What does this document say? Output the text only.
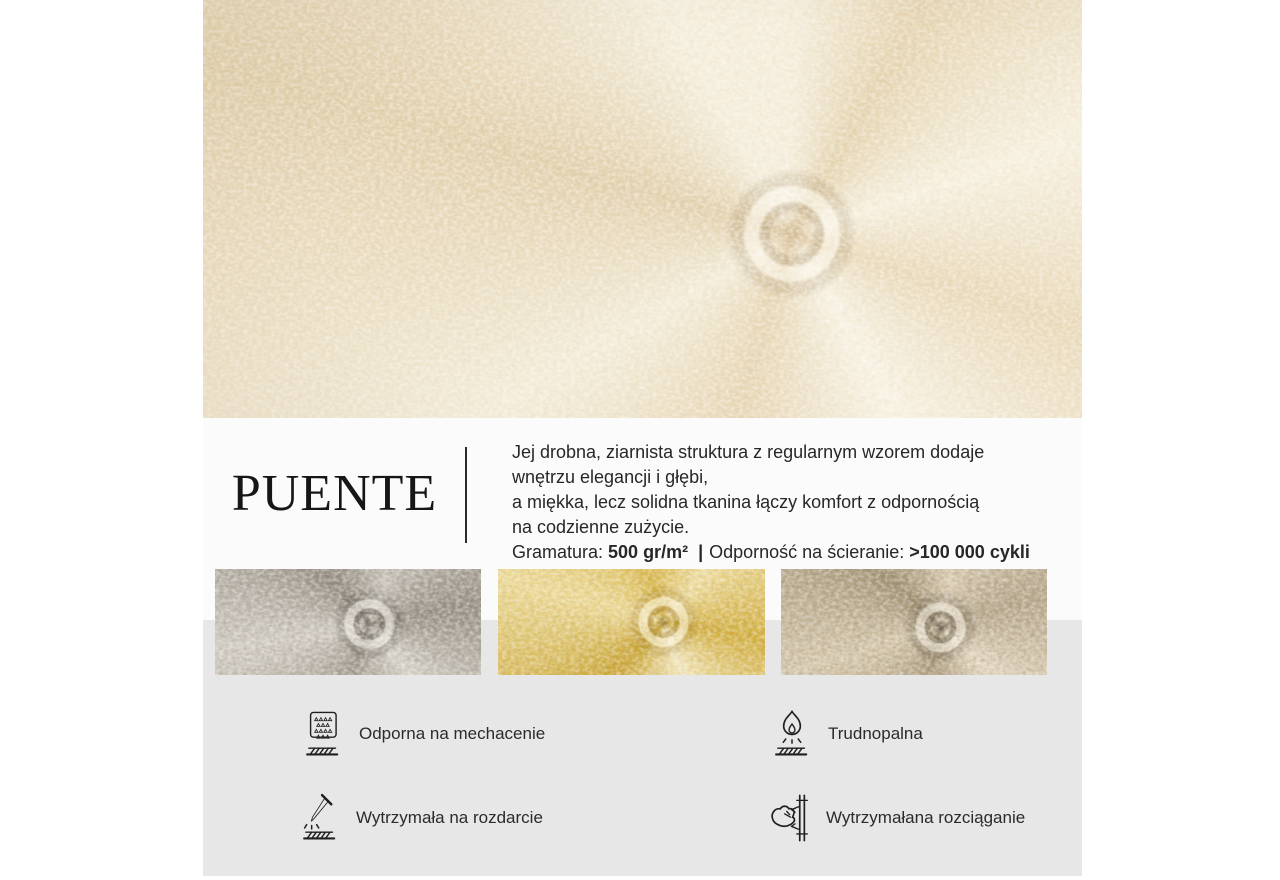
PUENTE
Jej drobna, ziarnista struktura z regularnym wzorem dodaje
wnętrzu elegancji i głębi,
a miękka, lecz solidna tkanina łączy komfort z odpornością
na codzienne zużycie.
Gramatura: 500 gr/m² | Odporność na ścieranie: >100 000 cykli
Odporna na mechacenie	Trudnopalna
Wytrzymała na rozdarcie	Wytrzymałana rozciąganie
